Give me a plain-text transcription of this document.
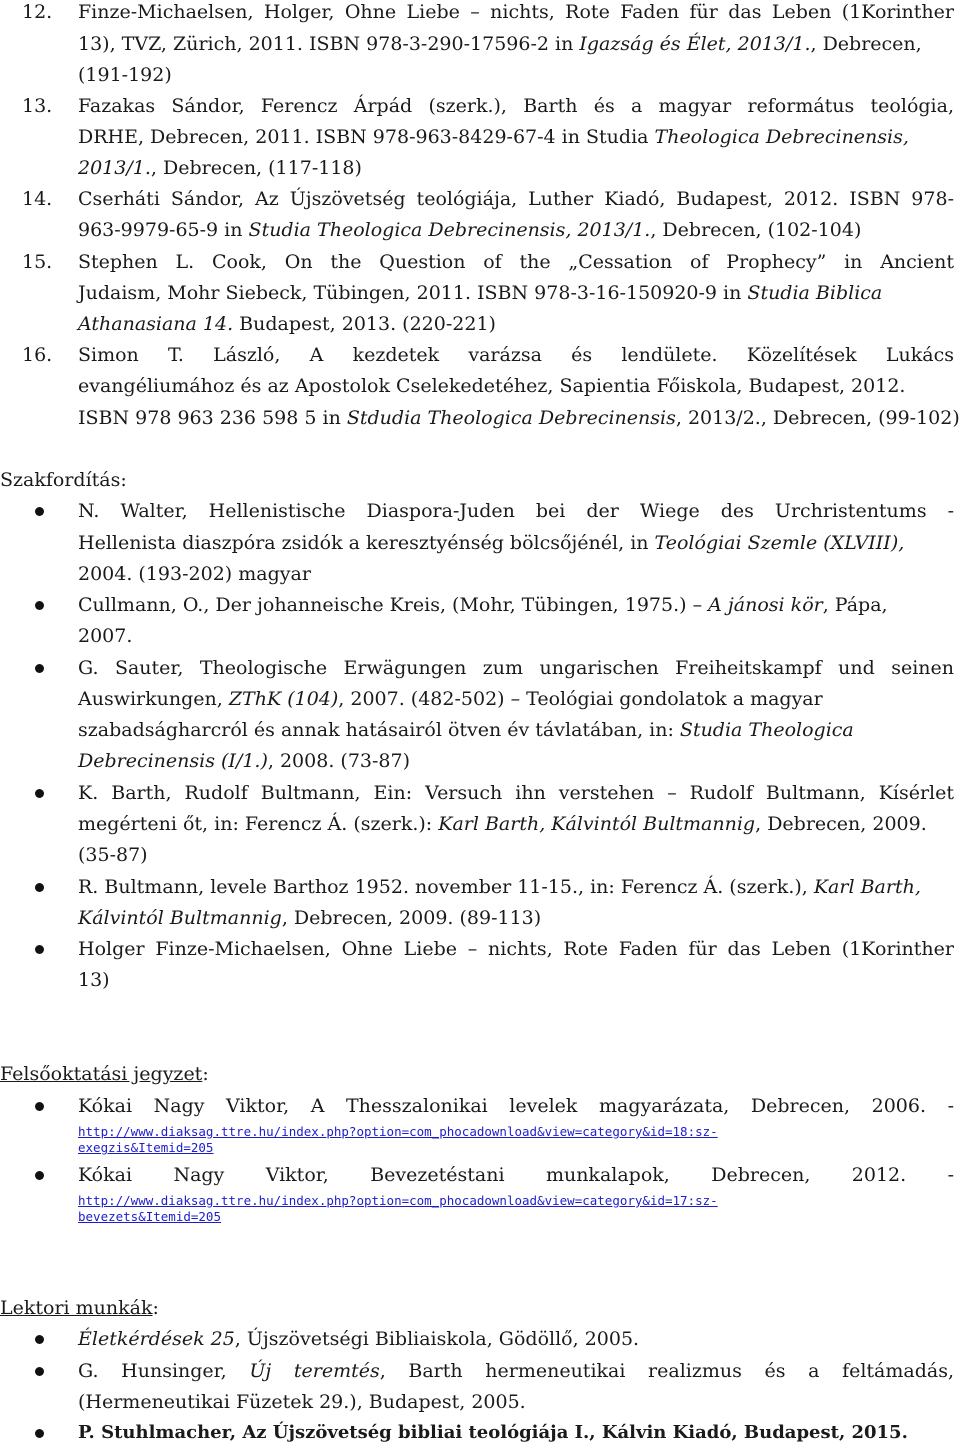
12. Finze-Michaelsen, Holger, Ohne Liebe – nichts, Rote Faden für das Leben (1Korinther
13), TVZ, Zürich, 2011. ISBN 978-3-290-17596-2 in Igazság és Élet, 2013/1., Debrecen,
(191-192)
13. Fazakas Sándor, Ferencz Árpád (szerk.), Barth és a magyar református teológia,
DRHE, Debrecen, 2011. ISBN 978-963-8429-67-4 in Studia Theologica Debrecinensis,
2013/1., Debrecen, (117-118)
14. Cserháti Sándor, Az Újszövetség teológiája, Luther Kiadó, Budapest, 2012. ISBN 978-
963-9979-65-9 in Studia Theologica Debrecinensis, 2013/1., Debrecen, (102-104)
15. Stephen L. Cook, On the Question of the „Cessation of Prophecy” in Ancient
Judaism, Mohr Siebeck, Tübingen, 2011. ISBN 978-3-16-150920-9 in Studia Biblica
Athanasiana 14. Budapest, 2013. (220-221)
16. Simon T. László, A kezdetek varázsa és lendülete. Közelítések Lukács
evangéliumához és az Apostolok Cselekedetéhez, Sapientia Főiskola, Budapest, 2012.
ISBN 978 963 236 598 5 in Stdudia Theologica Debrecinensis, 2013/2., Debrecen, (99-102)
Szakfordítás:
N. Walter, Hellenistische Diaspora-Juden bei der Wiege des Urchristentums -
Hellenista diaszpóra zsidók a keresztyénség bölcsőjénél, in Teológiai Szemle (XLVIII),
2004. (193-202) magyar
Cullmann, O., Der johanneische Kreis, (Mohr, Tübingen, 1975.) – A jánosi kör, Pápa,
2007.
G. Sauter, Theologische Erwägungen zum ungarischen Freiheitskampf und seinen
Auswirkungen, ZThK (104), 2007. (482-502) – Teológiai gondolatok a magyar
szabadságharcról és annak hatásairól ötven év távlatában, in: Studia Theologica
Debrecinensis (I/1.), 2008. (73-87)
K. Barth, Rudolf Bultmann, Ein: Versuch ihn verstehen – Rudolf Bultmann, Kísérlet
megérteni őt, in: Ferencz Á. (szerk.): Karl Barth, Kálvintól Bultmannig, Debrecen, 2009.
(35-87)
R. Bultmann, levele Barthoz 1952. november 11-15., in: Ferencz Á. (szerk.), Karl Barth,
Kálvintól Bultmannig, Debrecen, 2009. (89-113)
Holger Finze-Michaelsen, Ohne Liebe – nichts, Rote Faden für das Leben (1Korinther
13)
Felsőoktatási jegyzet:
Kókai Nagy Viktor, A Thesszalonikai levelek magyarázata, Debrecen, 2006. -
http://www.diaksag.ttre.hu/index.php?option=com_phocadownload&view=category&id=18:sz-
exegzis&Itemid=205
Kókai Nagy Viktor, Bevezetéstani munkalapok, Debrecen, 2012. -
http://www.diaksag.ttre.hu/index.php?option=com_phocadownload&view=category&id=17:sz-
bevezets&Itemid=205
Lektori munkák:
Életkérdések 25, Újszövetségi Bibliaiskola, Gödöllő, 2005.
G. Hunsinger, Új teremtés, Barth hermeneutikai realizmus és a feltámadás,
(Hermeneutikai Füzetek 29.), Budapest, 2005.
P. Stuhlmacher, Az Újszövetség bibliai teológiája I., Kálvin Kiadó, Budapest, 2015.
